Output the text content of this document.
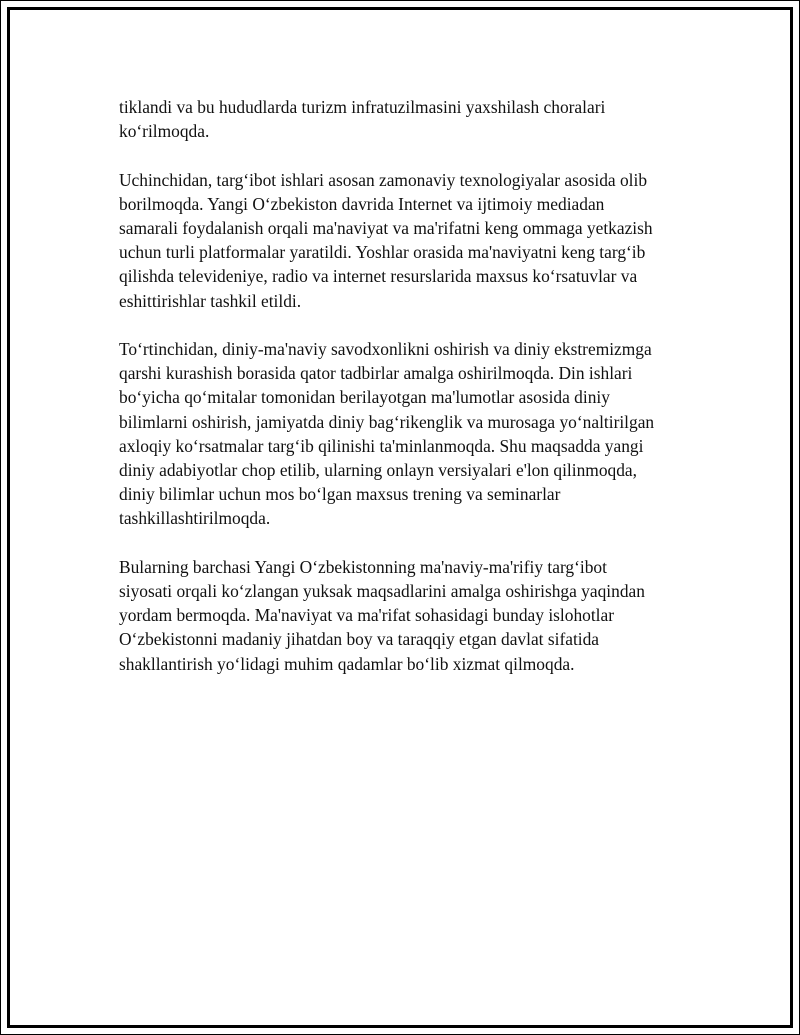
tiklandi va bu hududlarda turizm infratuzilmasini yaxshilash choralari
ko‘rilmoqda.

Uchinchidan, targ‘ibot ishlari asosan zamonaviy texnologiyalar asosida olib
borilmoqda. Yangi O‘zbekiston davrida Internet va ijtimoiy mediadan
samarali foydalanish orqali ma'naviyat va ma'rifatni keng ommaga yetkazish
uchun turli platformalar yaratildi. Yoshlar orasida ma'naviyatni keng targ‘ib
qilishda televideniye, radio va internet resurslarida maxsus ko‘rsatuvlar va
eshittirishlar tashkil etildi.

To‘rtinchidan, diniy-ma'naviy savodxonlikni oshirish va diniy ekstremizmga
qarshi kurashish borasida qator tadbirlar amalga oshirilmoqda. Din ishlari
bo‘yicha qo‘mitalar tomonidan berilayotgan ma'lumotlar asosida diniy
bilimlarni oshirish, jamiyatda diniy bag‘rikenglik va murosaga yo‘naltirilgan
axloqiy ko‘rsatmalar targ‘ib qilinishi ta'minlanmoqda. Shu maqsadda yangi
diniy adabiyotlar chop etilib, ularning onlayn versiyalari e'lon qilinmoqda,
diniy bilimlar uchun mos bo‘lgan maxsus trening va seminarlar
tashkillashtirilmoqda.

Bularning barchasi Yangi O‘zbekistonning ma'naviy-ma'rifiy targ‘ibot
siyosati orqali ko‘zlangan yuksak maqsadlarini amalga oshirishga yaqindan
yordam bermoqda. Ma'naviyat va ma'rifat sohasidagi bunday islohotlar
O‘zbekistonni madaniy jihatdan boy va taraqqiy etgan davlat sifatida
shakllantirish yo‘lidagi muhim qadamlar bo‘lib xizmat qilmoqda.
